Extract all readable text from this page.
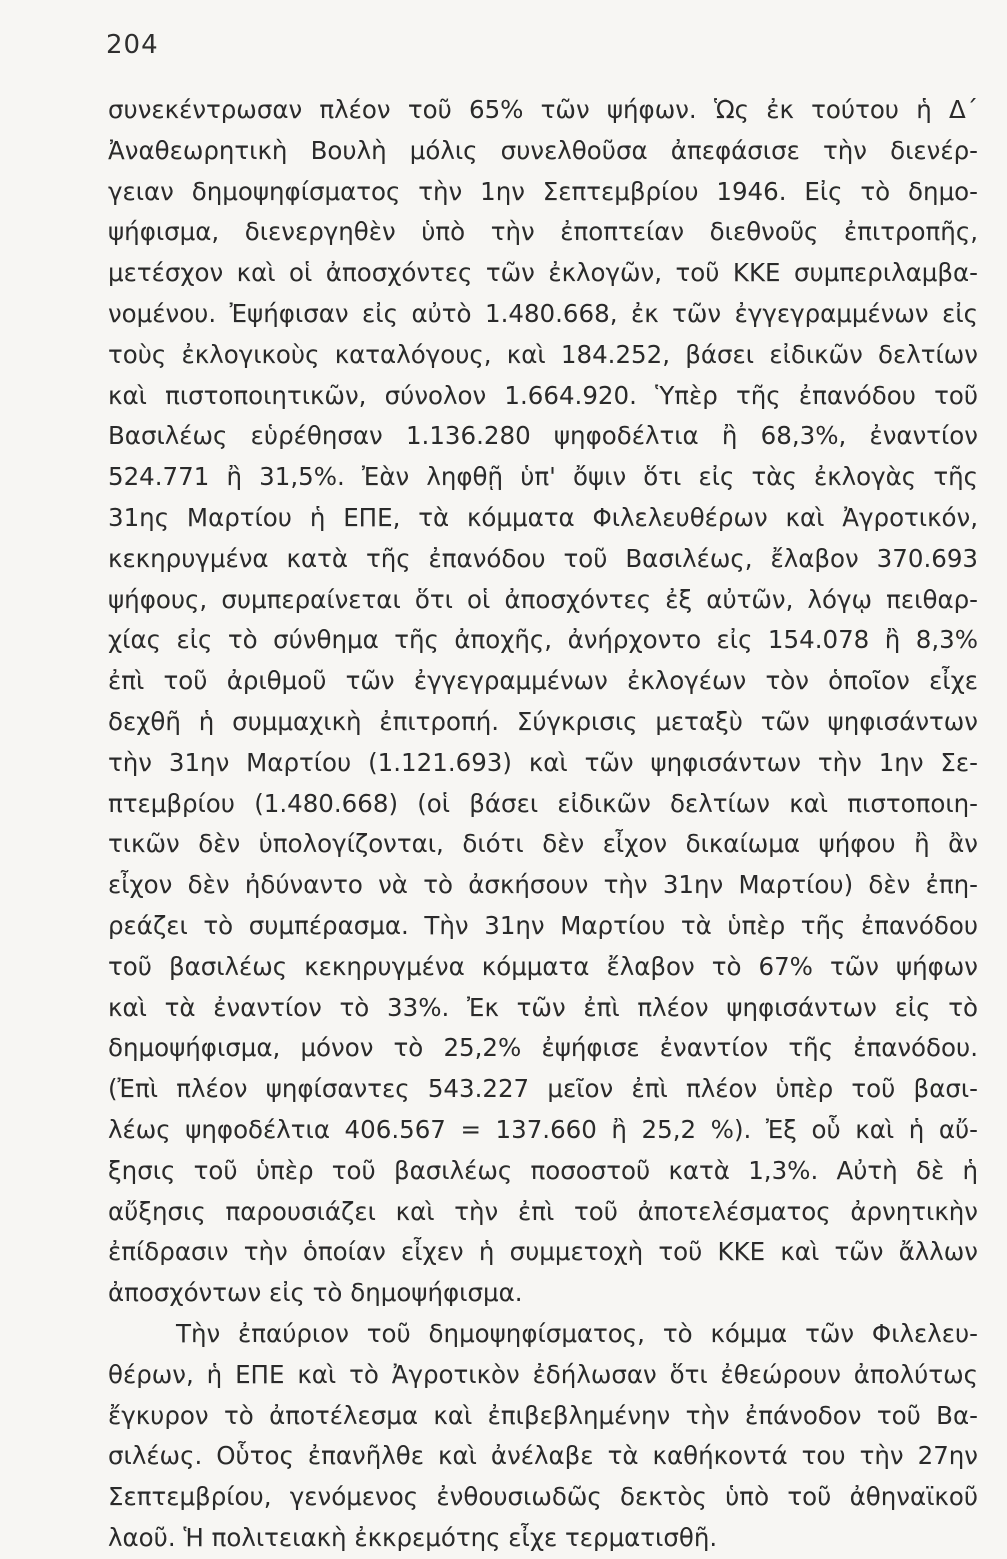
204
συνεκέντρωσαν πλέον τοῦ 65% τῶν ψήφων. Ὡς ἐκ τούτου ἡ Δ΄
Ἀναθεωρητικὴ Βουλὴ μόλις συνελθοῦσα ἀπεφάσισε τὴν διενέρ-
γειαν δημοψηφίσματος τὴν 1ην Σεπτεμβρίου 1946. Εἰς τὸ δημο-
ψήφισμα, διενεργηθὲν ὑπὸ τὴν ἐποπτείαν διεθνοῦς ἐπιτροπῆς,
μετέσχον καὶ οἱ ἀποσχόντες τῶν ἐκλογῶν, τοῦ ΚΚΕ συμπεριλαμβα-
νομένου. Ἐψήφισαν εἰς αὐτὸ 1.480.668, ἐκ τῶν ἐγγεγραμμένων εἰς
τοὺς ἐκλογικοὺς καταλόγους, καὶ 184.252, βάσει εἰδικῶν δελτίων
καὶ πιστοποιητικῶν, σύνολον 1.664.920. Ὑπὲρ τῆς ἐπανόδου τοῦ
Βασιλέως εὑρέθησαν 1.136.280 ψηφοδέλτια ἢ 68,3%, ἐναντίον
524.771 ἢ 31,5%. Ἐὰν ληφθῇ ὑπ' ὄψιν ὅτι εἰς τὰς ἐκλογὰς τῆς
31ης Μαρτίου ἡ ΕΠΕ, τὰ κόμματα Φιλελευθέρων καὶ Ἀγροτικόν,
κεκηρυγμένα κατὰ τῆς ἐπανόδου τοῦ Βασιλέως, ἔλαβον 370.693
ψήφους, συμπεραίνεται ὅτι οἱ ἀποσχόντες ἐξ αὐτῶν, λόγῳ πειθαρ-
χίας εἰς τὸ σύνθημα τῆς ἀποχῆς, ἀνήρχοντο εἰς 154.078 ἢ 8,3%
ἐπὶ τοῦ ἀριθμοῦ τῶν ἐγγεγραμμένων ἐκλογέων τὸν ὁποῖον εἶχε
δεχθῆ ἡ συμμαχικὴ ἐπιτροπή. Σύγκρισις μεταξὺ τῶν ψηφισάντων
τὴν 31ην Μαρτίου (1.121.693) καὶ τῶν ψηφισάντων τὴν 1ην Σε-
πτεμβρίου (1.480.668) (οἱ βάσει εἰδικῶν δελτίων καὶ πιστοποιη-
τικῶν δὲν ὑπολογίζονται, διότι δὲν εἶχον δικαίωμα ψήφου ἢ ἂν
εἶχον δὲν ἠδύναντο νὰ τὸ ἀσκήσουν τὴν 31ην Μαρτίου) δὲν ἐπη-
ρεάζει τὸ συμπέρασμα. Τὴν 31ην Μαρτίου τὰ ὑπὲρ τῆς ἐπανόδου
τοῦ βασιλέως κεκηρυγμένα κόμματα ἔλαβον τὸ 67% τῶν ψήφων
καὶ τὰ ἐναντίον τὸ 33%. Ἐκ τῶν ἐπὶ πλέον ψηφισάντων εἰς τὸ
δημοψήφισμα, μόνον τὸ 25,2% ἐψήφισε ἐναντίον τῆς ἐπανόδου.
(Ἐπὶ πλέον ψηφίσαντες 543.227 μεῖον ἐπὶ πλέον ὑπὲρ τοῦ βασι-
λέως ψηφοδέλτια 406.567 = 137.660 ἢ 25,2 %). Ἐξ οὗ καὶ ἡ αὔ-
ξησις τοῦ ὑπὲρ τοῦ βασιλέως ποσοστοῦ κατὰ 1,3%. Αὐτὴ δὲ ἡ
αὔξησις παρουσιάζει καὶ τὴν ἐπὶ τοῦ ἀποτελέσματος ἀρνητικὴν
ἐπίδρασιν τὴν ὁποίαν εἶχεν ἡ συμμετοχὴ τοῦ ΚΚΕ καὶ τῶν ἄλλων
ἀποσχόντων εἰς τὸ δημοψήφισμα.
Τὴν ἐπαύριον τοῦ δημοψηφίσματος, τὸ κόμμα τῶν Φιλελευ-
θέρων, ἡ ΕΠΕ καὶ τὸ Ἀγροτικὸν ἐδήλωσαν ὅτι ἐθεώρουν ἀπολύτως
ἔγκυρον τὸ ἀποτέλεσμα καὶ ἐπιβεβλημένην τὴν ἐπάνοδον τοῦ Βα-
σιλέως. Οὗτος ἐπανῆλθε καὶ ἀνέλαβε τὰ καθήκοντά του τὴν 27ην
Σεπτεμβρίου, γενόμενος ἐνθουσιωδῶς δεκτὸς ὑπὸ τοῦ ἀθηναϊκοῦ
λαοῦ. Ἡ πολιτειακὴ ἐκκρεμότης εἶχε τερματισθῆ.
